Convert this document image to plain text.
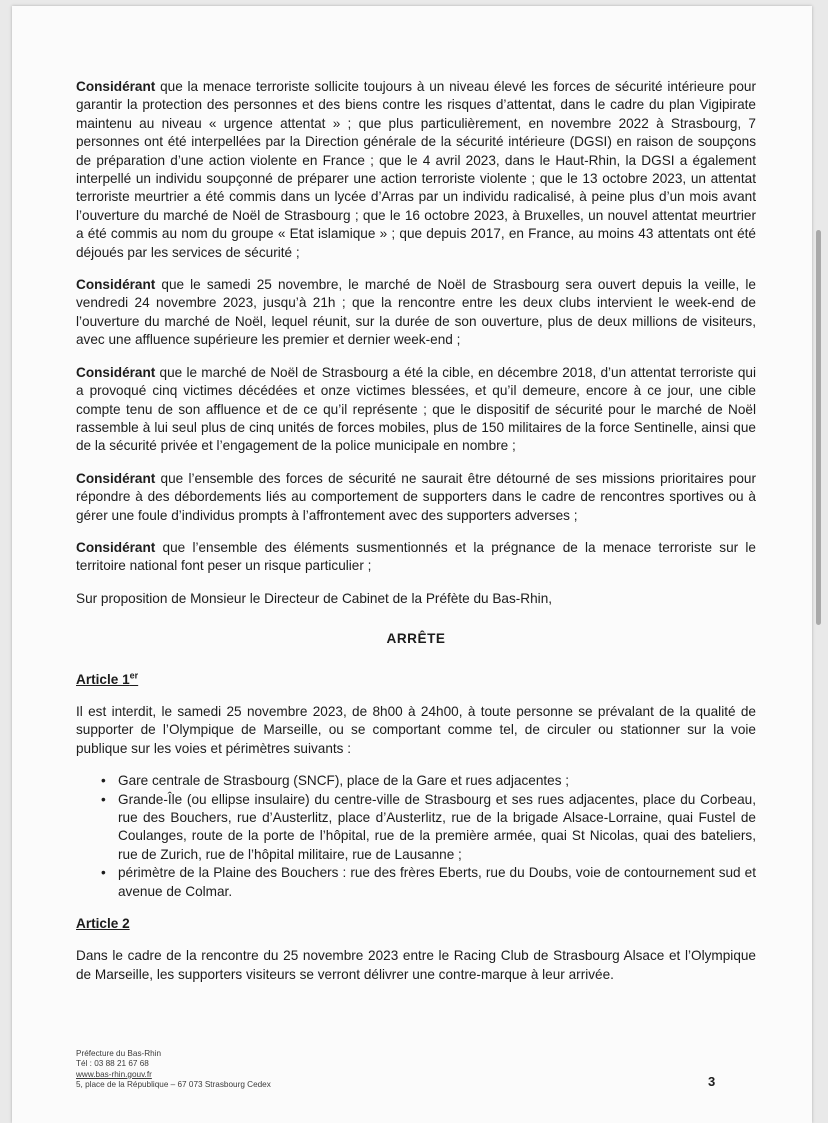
Considérant que la menace terroriste sollicite toujours à un niveau élevé les forces de sécurité intérieure pour garantir la protection des personnes et des biens contre les risques d’attentat, dans le cadre du plan Vigipirate maintenu au niveau « urgence attentat » ; que plus particulièrement, en novembre 2022 à Strasbourg, 7 personnes ont été interpellées par la Direction générale de la sécurité intérieure (DGSI) en raison de soupçons de préparation d’une action violente en France ; que le 4 avril 2023, dans le Haut-Rhin, la DGSI a également interpellé un individu soupçonné de préparer une action terroriste violente ; que le 13 octobre 2023, un attentat terroriste meurtrier a été commis dans un lycée d’Arras par un individu radicalisé, à peine plus d’un mois avant l’ouverture du marché de Noël de Strasbourg ; que le 16 octobre 2023, à Bruxelles, un nouvel attentat meurtrier a été commis au nom du groupe « Etat islamique » ; que depuis 2017, en France, au moins 43 attentats ont été déjoués par les services de sécurité ;

Considérant que le samedi 25 novembre, le marché de Noël de Strasbourg sera ouvert depuis la veille, le vendredi 24 novembre 2023, jusqu’à 21h ; que la rencontre entre les deux clubs intervient le week-end de l’ouverture du marché de Noël, lequel réunit, sur la durée de son ouverture, plus de deux millions de visiteurs, avec une affluence supérieure les premier et dernier week-end ;

Considérant que le marché de Noël de Strasbourg a été la cible, en décembre 2018, d’un attentat terroriste qui a provoqué cinq victimes décédées et onze victimes blessées, et qu’il demeure, encore à ce jour, une cible compte tenu de son affluence et de ce qu’il représente ; que le dispositif de sécurité pour le marché de Noël rassemble à lui seul plus de cinq unités de forces mobiles, plus de 150 militaires de la force Sentinelle, ainsi que de la sécurité privée et l’engagement de la police municipale en nombre ;

Considérant que l’ensemble des forces de sécurité ne saurait être détourné de ses missions prioritaires pour répondre à des débordements liés au comportement de supporters dans le cadre de rencontres sportives ou à gérer une foule d’individus prompts à l’affrontement avec des supporters adverses ;

Considérant que l’ensemble des éléments susmentionnés et la prégnance de la menace terroriste sur le territoire national font peser un risque particulier ;

Sur proposition de Monsieur le Directeur de Cabinet de la Préfète du Bas-Rhin,

ARRÊTE
Article 1er

Il est interdit, le samedi 25 novembre 2023, de 8h00 à 24h00, à toute personne se prévalant de la qualité de supporter de l’Olympique de Marseille, ou se comportant comme tel, de circuler ou stationner sur la voie publique sur les voies et périmètres suivants :

• Gare centrale de Strasbourg (SNCF), place de la Gare et rues adjacentes ;
• Grande-Île (ou ellipse insulaire) du centre-ville de Strasbourg et ses rues adjacentes, place du Corbeau, rue des Bouchers, rue d’Austerlitz, place d’Austerlitz, rue de la brigade Alsace-Lorraine, quai Fustel de Coulanges, route de la porte de l’hôpital, rue de la première armée, quai St Nicolas, quai des bateliers, rue de Zurich, rue de l’hôpital militaire, rue de Lausanne ;
• périmètre de la Plaine des Bouchers : rue des frères Eberts, rue du Doubs, voie de contournement sud et avenue de Colmar.
Article 2

Dans le cadre de la rencontre du 25 novembre 2023 entre le Racing Club de Strasbourg Alsace et l’Olympique de Marseille, les supporters visiteurs se verront délivrer une contre-marque à leur arrivée.

Préfecture du Bas-Rhin
Tél : 03 88 21 67 68
www.bas-rhin.gouv.fr
5, place de la République – 67 073 Strasbourg Cedex	3
